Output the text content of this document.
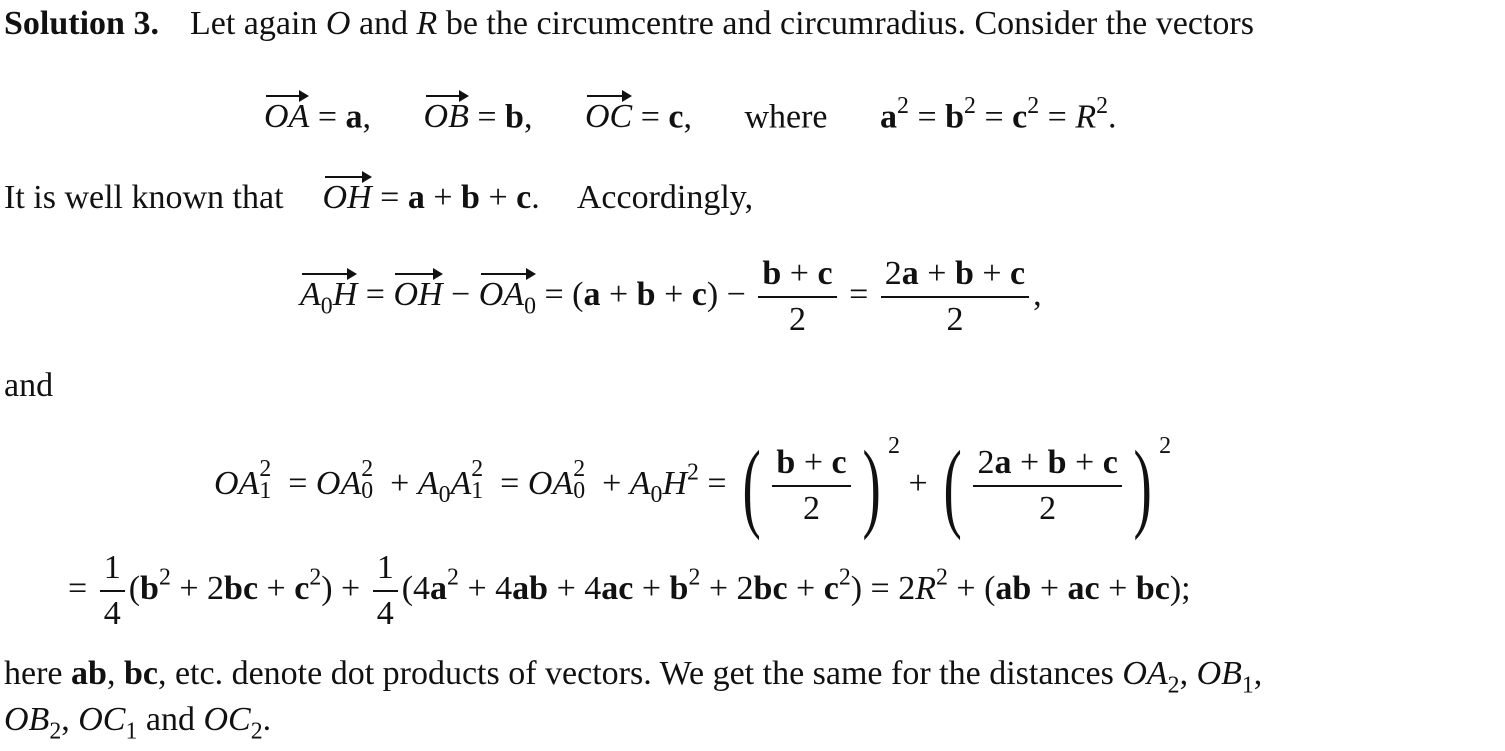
Solution 3. Let again O and R be the circumcentre and circumradius. Consider the vectors
OA = a, OB = b, OC = c, where $a^2 = b^2 = c^2 = R^2$.
It is well known that OH = a + b + c.  Accordingly,
$A_0H$ = OH − $OA_0 = (a + b + c) - \frac{b + c}{2} = \frac{2a + b + c}{2}$ ,
and
OA 2
1 = OA 2
$0 + A_0A$ 2
1 = OA 2
$0 + A_0H^2$ = ( $\frac{b + c}{2}$ ) 2 + ( $\frac{2a + b + c}{2}$ ) 2
= $\frac{1}{4} (b^2 + 2bc + c^2) + \frac{1}{4} (4a^2 + 4ab + 4ac + b^2 + 2bc + c^2) = 2R^2 + (ab$ + ac + bc);
here ab, bc, etc. denote dot products of vectors. We get the same for the distances $OA_2$, $OB_1$,
$OB_2$, $OC_1$ and $OC_2$.
